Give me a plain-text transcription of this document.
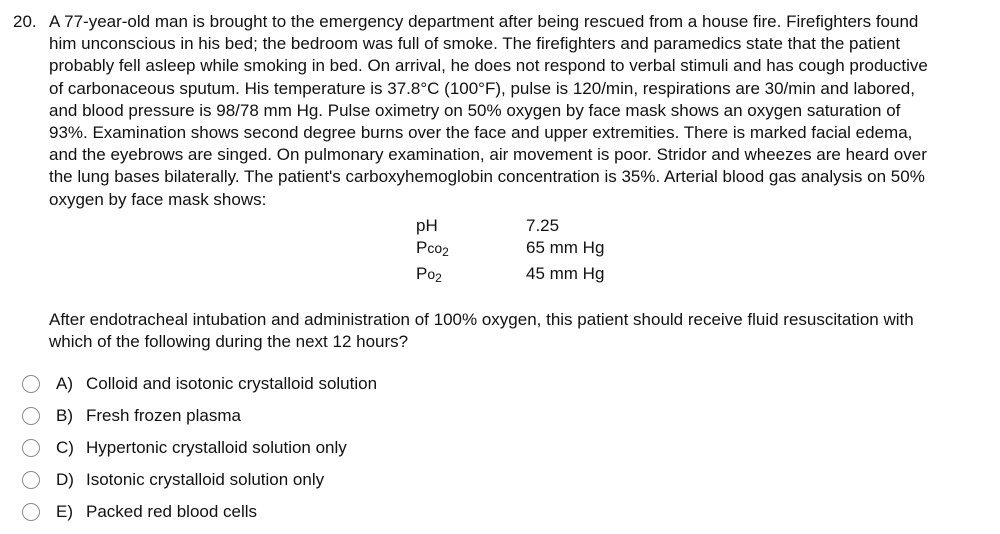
20. A 77-year-old man is brought to the emergency department after being rescued from a house fire. Firefighters found
him unconscious in his bed; the bedroom was full of smoke. The firefighters and paramedics state that the patient
probably fell asleep while smoking in bed. On arrival, he does not respond to verbal stimuli and has cough productive
of carbonaceous sputum. His temperature is 37.8°C (100°F), pulse is 120/min, respirations are 30/min and labored,
and blood pressure is 98/78 mm Hg. Pulse oximetry on 50% oxygen by face mask shows an oxygen saturation of
93%. Examination shows second degree burns over the face and upper extremities. There is marked facial edema,
and the eyebrows are singed. On pulmonary examination, air movement is poor. Stridor and wheezes are heard over
the lung bases bilaterally. The patient's carboxyhemoglobin concentration is 35%. Arterial blood gas analysis on 50%
oxygen by face mask shows:
pH	7.25
Pco$_2$	65 mm Hg
$Po_2$	45 mm Hg
After endotracheal intubation and administration of 100% oxygen, this patient should receive fluid resuscitation with
which of the following during the next 12 hours?
A) Colloid and isotonic crystalloid solution
B) Fresh frozen plasma
C) Hypertonic crystalloid solution only
D) Isotonic crystalloid solution only
E) Packed red blood cells
